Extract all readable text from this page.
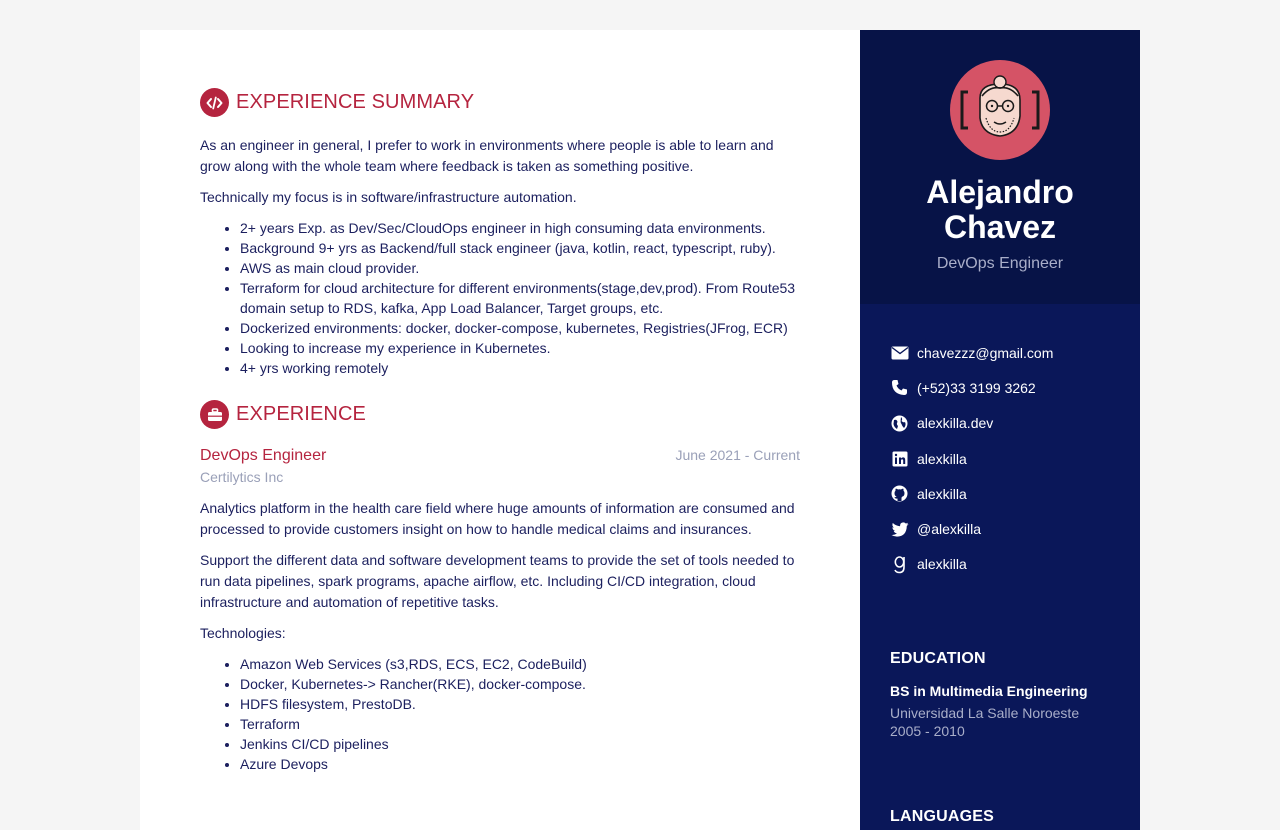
EXPERIENCE SUMMARY

As an engineer in general, I prefer to work in environments where people is able to learn and grow along with the whole team where feedback is taken as something positive.

Technically my focus is in software/infrastructure automation.

• 2+ years Exp. as Dev/Sec/CloudOps engineer in high consuming data environments.
• Background 9+ yrs as Backend/full stack engineer (java, kotlin, react, typescript, ruby).
• AWS as main cloud provider.
• Terraform for cloud architecture for different environments(stage,dev,prod). From Route53 domain setup to RDS, kafka, App Load Balancer, Target groups, etc.
• Dockerized environments: docker, docker-compose, kubernetes, Registries(JFrog, ECR)
• Looking to increase my experience in Kubernetes.
• 4+ yrs working remotely
EXPERIENCE
DevOps Engineer	June 2021 - Current
Certilytics Inc

Analytics platform in the health care field where huge amounts of information are consumed and processed to provide customers insight on how to handle medical claims and insurances.

Support the different data and software development teams to provide the set of tools needed to run data pipelines, spark programs, apache airflow, etc. Including CI/CD integration, cloud infrastructure and automation of repetitive tasks.

Technologies:

• Amazon Web Services (s3,RDS, ECS, EC2, CodeBuild)
• Docker, Kubernetes-> Rancher(RKE), docker-compose.
• HDFS filesystem, PrestoDB.
• Terraform
• Jenkins CI/CD pipelines
• Azure Devops
Alejandro
Chavez
DevOps Engineer
chavezzz@gmail.com
(+52)33 3199 3262
alexkilla.dev
alexkilla
alexkilla
@alexkilla
alexkilla
EDUCATION
BS in Multimedia Engineering
Universidad La Salle Noroeste
2005 - 2010
LANGUAGES
